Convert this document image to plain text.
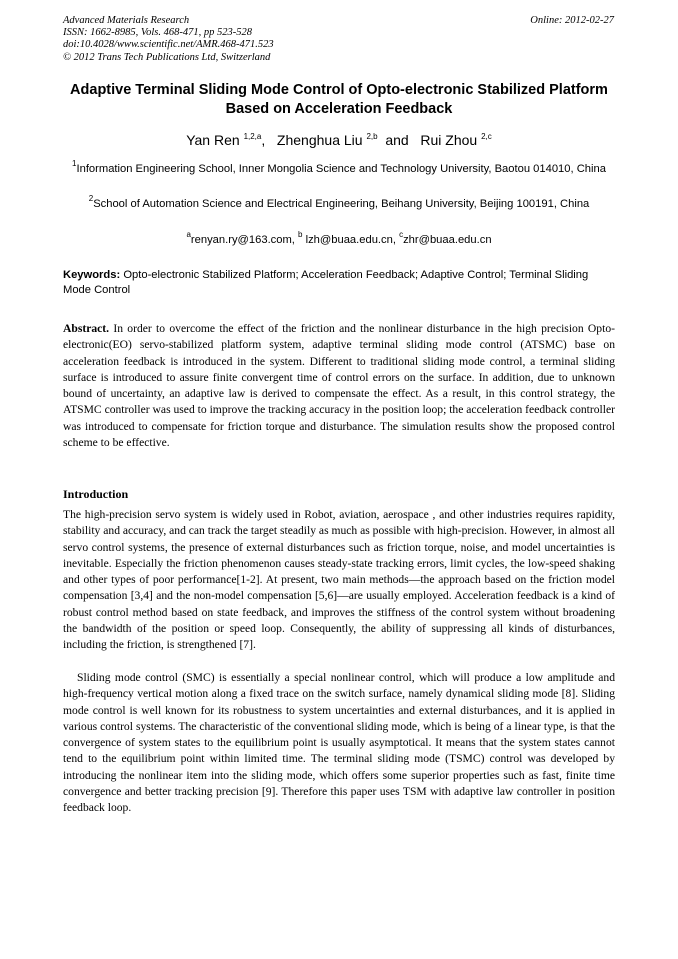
Advanced Materials Research
ISSN: 1662-8985, Vols. 468-471, pp 523-528
doi:10.4028/www.scientific.net/AMR.468-471.523
© 2012 Trans Tech Publications Ltd, Switzerland
Online: 2012-02-27
Adaptive Terminal Sliding Mode Control of Opto-electronic Stabilized Platform Based on Acceleration Feedback
Yan Ren $^{1,2,a}$, Zhenghua Liu $^{2,b}$ and Rui Zhou $^{2,c}$
$^1$Information Engineering School, Inner Mongolia Science and Technology University, Baotou 014010, China
$^2$School of Automation Science and Electrical Engineering, Beihang University, Beijing 100191, China
$^a$renyan.ry@163.com, $^b$ lzh@buaa.edu.cn, $^c$zhr@buaa.edu.cn
Keywords: Opto-electronic Stabilized Platform; Acceleration Feedback; Adaptive Control; Terminal Sliding Mode Control
Abstract. In order to overcome the effect of the friction and the nonlinear disturbance in the high precision Opto-electronic(EO) servo-stabilized platform system, adaptive terminal sliding mode control (ATSMC) base on acceleration feedback is introduced in the system. Different to traditional sliding mode control, a terminal sliding surface is introduced to assure finite convergent time of control errors on the surface. In addition, due to unknown bound of uncertainty, an adaptive law is derived to compensate the effect. As a result, in this control strategy, the ATSMC controller was used to improve the tracking accuracy in the position loop; the acceleration feedback controller was introduced to compensate for friction torque and disturbance. The simulation results show the proposed control scheme to be effective.
Introduction
The high-precision servo system is widely used in Robot, aviation, aerospace , and other industries requires rapidity, stability and accuracy, and can track the target steadily as much as possible with high-precision. However, in almost all servo control systems, the presence of external disturbances such as friction torque, noise, and model uncertainties is inevitable. Especially the friction phenomenon causes steady-state tracking errors, limit cycles, the low-speed shaking and other types of poor performance[1-2]. At present, two main methods—the approach based on the friction model compensation [3,4] and the non-model compensation [5,6]—are usually employed. Acceleration feedback is a kind of robust control method based on state feedback, and improves the stiffness of the control system without broadening the bandwidth of the position or speed loop. Consequently, the ability of suppressing all kinds of disturbances, including the friction, is strengthened [7].
Sliding mode control (SMC) is essentially a special nonlinear control, which will produce a low amplitude and high-frequency vertical motion along a fixed trace on the switch surface, namely dynamical sliding mode [8]. Sliding mode control is well known for its robustness to system uncertainties and external disturbances, and it is applied in various control systems. The characteristic of the conventional sliding mode, which is being of a linear type, is that the convergence of system states to the equilibrium point is usually asymptotical. It means that the system states cannot tend to the equilibrium point within limited time. The terminal sliding mode (TSMC) control was developed by introducing the nonlinear item into the sliding mode, which offers some superior properties such as fast, finite time convergence and better tracking precision [9]. Therefore this paper uses TSM with adaptive law controller in position feedback loop.
